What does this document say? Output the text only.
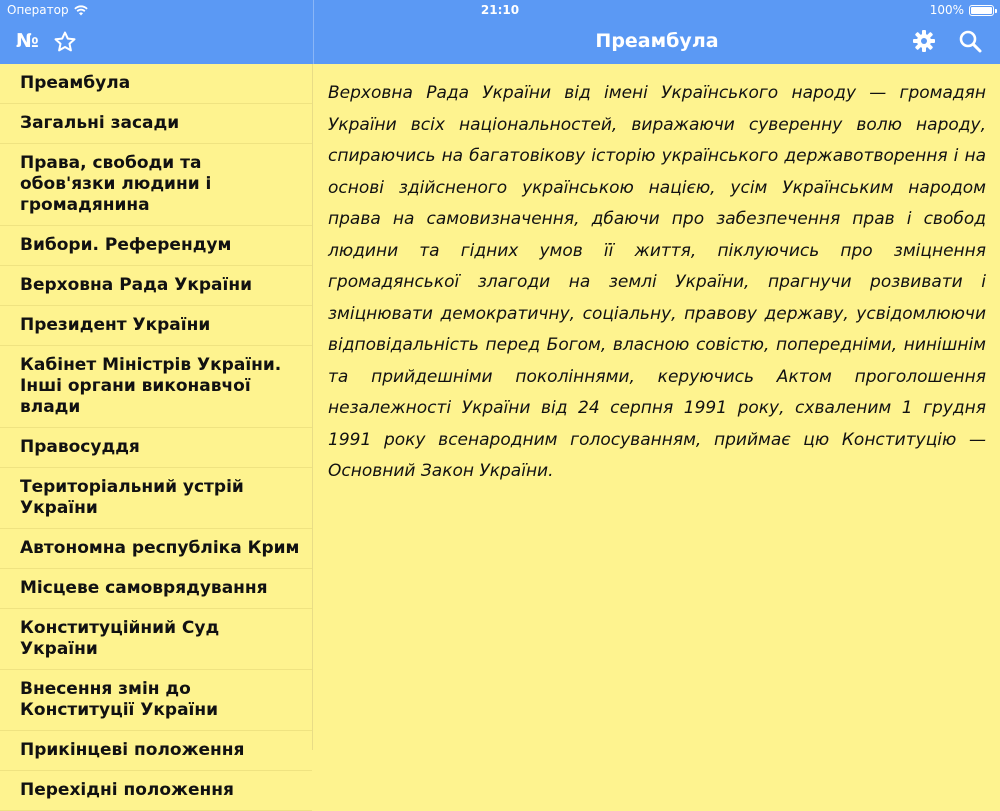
Оператор	21:10	100%
№	Преамбула
Преамбула
Загальні засади
Права, свободи та обов'язки людини і громадянина
Вибори. Референдум
Верховна Рада України
Президент України
Кабінет Міністрів України. Інші органи виконавчої влади
Правосуддя
Територіальний устрій України
Автономна республіка Крим
Місцеве самоврядування
Конституційний Суд України
Внесення змін до Конституції України
Прикінцеві положення
Перехідні положення

Верховна Рада України від імені Українського народу — громадян України всіх національностей, виражаючи суверенну волю народу, спираючись на багатовікову історію українського державотворення і на основі здійсненого українською нацією, усім Українським народом права на самовизначення, дбаючи про забезпечення прав і свобод людини та гідних умов її життя, піклуючись про зміцнення громадянської злагоди на землі України, прагнучи розвивати і зміцнювати демократичну, соціальну, правову державу, усвідомлюючи відповідальність перед Богом, власною совістю, попередніми, нинішнім та прийдешніми поколіннями, керуючись Актом проголошення незалежності України від 24 серпня 1991 року, схваленим 1 грудня 1991 року всенародним голосуванням, приймає цю Конституцію — Основний Закон України.
